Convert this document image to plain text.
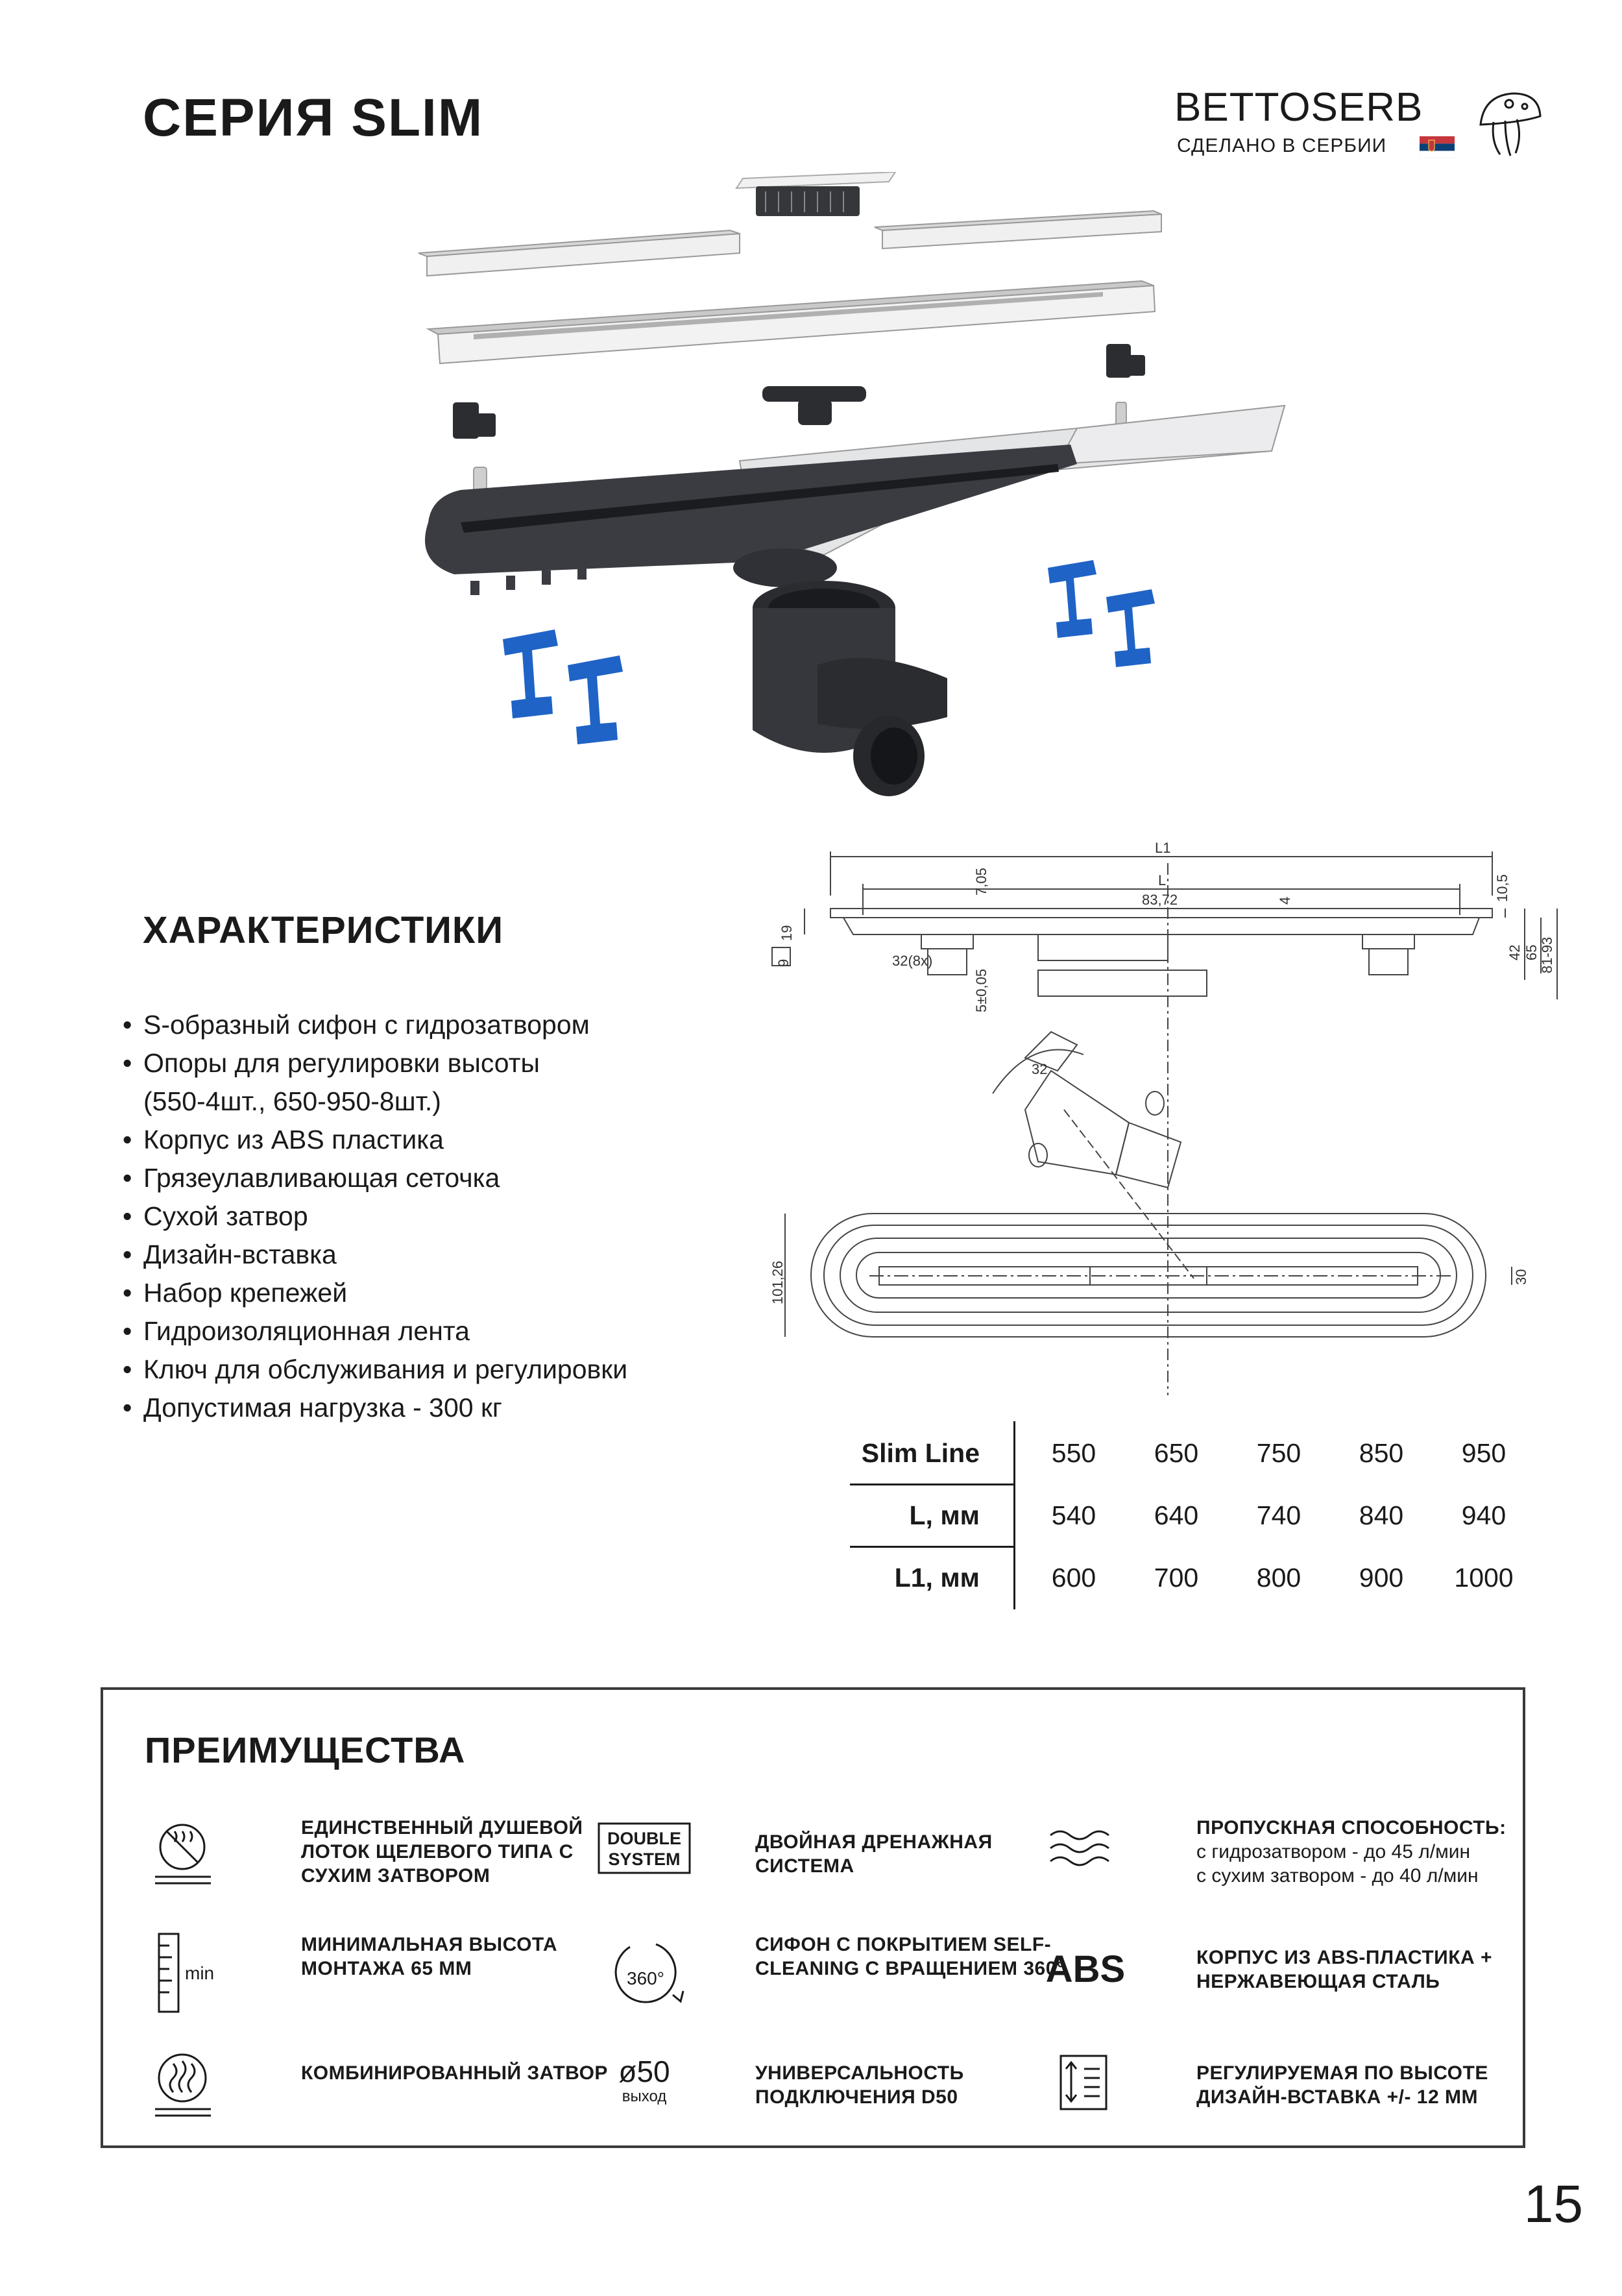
СЕРИЯ SLIM	BETTOSERB
СДЕЛАНО В СЕРБИИ
ХАРАКТЕРИСТИКИ
• S-образный сифон с гидрозатвором
• Опоры для регулировки высоты
(550-4шт., 650-950-8шт.)
• Корпус из ABS пластика
• Грязеулавливающая сеточка
• Сухой затвор
• Дизайн-вставка
• Набор крепежей
• Гидроизоляционная лента
• Ключ для обслуживания и регулировки
• Допустимая нагрузка - 300 кг
L1
L
83,72
7,05
4	10,5
19
9	32(8x)
5±0,05
42 65 81-93
32
101,26	30
Slim Line	550	650	750	850	950
L, мм	540	640	740	840	940
L1, мм	600	700	800	900	1000
ПРЕИМУЩЕСТВА
ЕДИНСТВЕННЫЙ ДУШЕВОЙ ЛОТОК ЩЕЛЕВОГО ТИПА С СУХИМ ЗАТВОРОМ
DOUBLE
SYSTEM
ДВОЙНАЯ ДРЕНАЖНАЯ СИСТЕМА
ПРОПУСКНАЯ СПОСОБНОСТЬ:
с гидрозатвором - до 45 л/мин
с сухим затвором - до 40 л/мин
min
МИНИМАЛЬНАЯ ВЫСОТА МОНТАЖА 65 ММ	360°
СИФОН С ПОКРЫТИЕМ SELF-CLEANING С ВРАЩЕНИЕМ 360°
ABS	КОРПУС ИЗ ABS-ПЛАСТИКА + НЕРЖАВЕЮЩАЯ СТАЛЬ
КОМБИНИРОВАННЫЙ ЗАТВОР ø50
выход
УНИВЕРСАЛЬНОСТЬ ПОДКЛЮЧЕНИЯ D50
РЕГУЛИРУЕМАЯ ПО ВЫСОТЕ ДИЗАЙН-ВСТАВКА +/- 12 ММ
15
